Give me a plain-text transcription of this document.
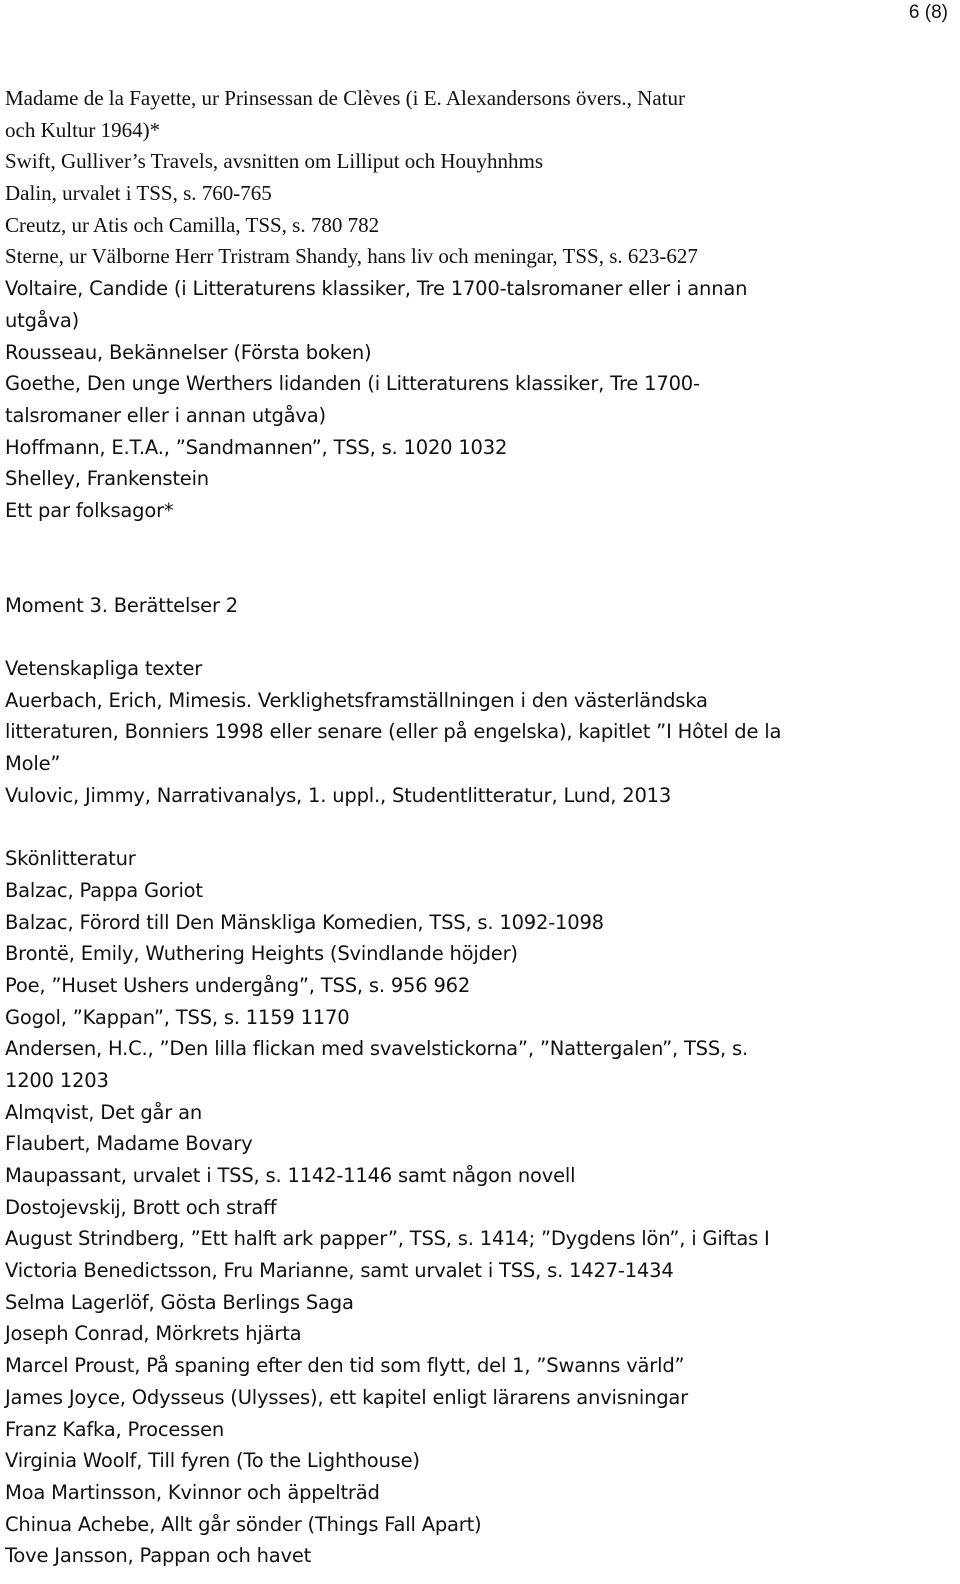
6 (8)
Madame de la Fayette, ur Prinsessan de Clèves (i E. Alexandersons övers., Natur
och Kultur 1964)*
Swift, Gulliver’s Travels, avsnitten om Lilliput och Houyhnhms
Dalin, urvalet i TSS, s. 760-765
Creutz, ur Atis och Camilla, TSS, s. 780 782
Sterne, ur Välborne Herr Tristram Shandy, hans liv och meningar, TSS, s. 623-627
Voltaire, Candide (i Litteraturens klassiker, Tre 1700-talsromaner eller i annan
utgåva)
Rousseau, Bekännelser (Första boken)
Goethe, Den unge Werthers lidanden (i Litteraturens klassiker, Tre 1700-
talsromaner eller i annan utgåva)
Hoffmann, E.T.A., ”Sandmannen”, TSS, s. 1020 1032
Shelley, Frankenstein
Ett par folksagor*
Moment 3. Berättelser 2
Vetenskapliga texter
Auerbach, Erich, Mimesis. Verklighetsframställningen i den västerländska
litteraturen, Bonniers 1998 eller senare (eller på engelska), kapitlet ”I Hôtel de la
Mole”
Vulovic, Jimmy, Narrativanalys, 1. uppl., Studentlitteratur, Lund, 2013
Skönlitteratur
Balzac, Pappa Goriot
Balzac, Förord till Den Mänskliga Komedien, TSS, s. 1092-1098
Brontë, Emily, Wuthering Heights (Svindlande höjder)
Poe, ”Huset Ushers undergång”, TSS, s. 956 962
Gogol, ”Kappan”, TSS, s. 1159 1170
Andersen, H.C., ”Den lilla flickan med svavelstickorna”, ”Nattergalen”, TSS, s.
1200 1203
Almqvist, Det går an
Flaubert, Madame Bovary
Maupassant, urvalet i TSS, s. 1142-1146 samt någon novell
Dostojevskij, Brott och straff
August Strindberg, ”Ett halft ark papper”, TSS, s. 1414; ”Dygdens lön”, i Giftas I
Victoria Benedictsson, Fru Marianne, samt urvalet i TSS, s. 1427-1434
Selma Lagerlöf, Gösta Berlings Saga
Joseph Conrad, Mörkrets hjärta
Marcel Proust, På spaning efter den tid som flytt, del 1, ”Swanns värld”
James Joyce, Odysseus (Ulysses), ett kapitel enligt lärarens anvisningar
Franz Kafka, Processen
Virginia Woolf, Till fyren (To the Lighthouse)
Moa Martinsson, Kvinnor och äppelträd
Chinua Achebe, Allt går sönder (Things Fall Apart)
Tove Jansson, Pappan och havet
